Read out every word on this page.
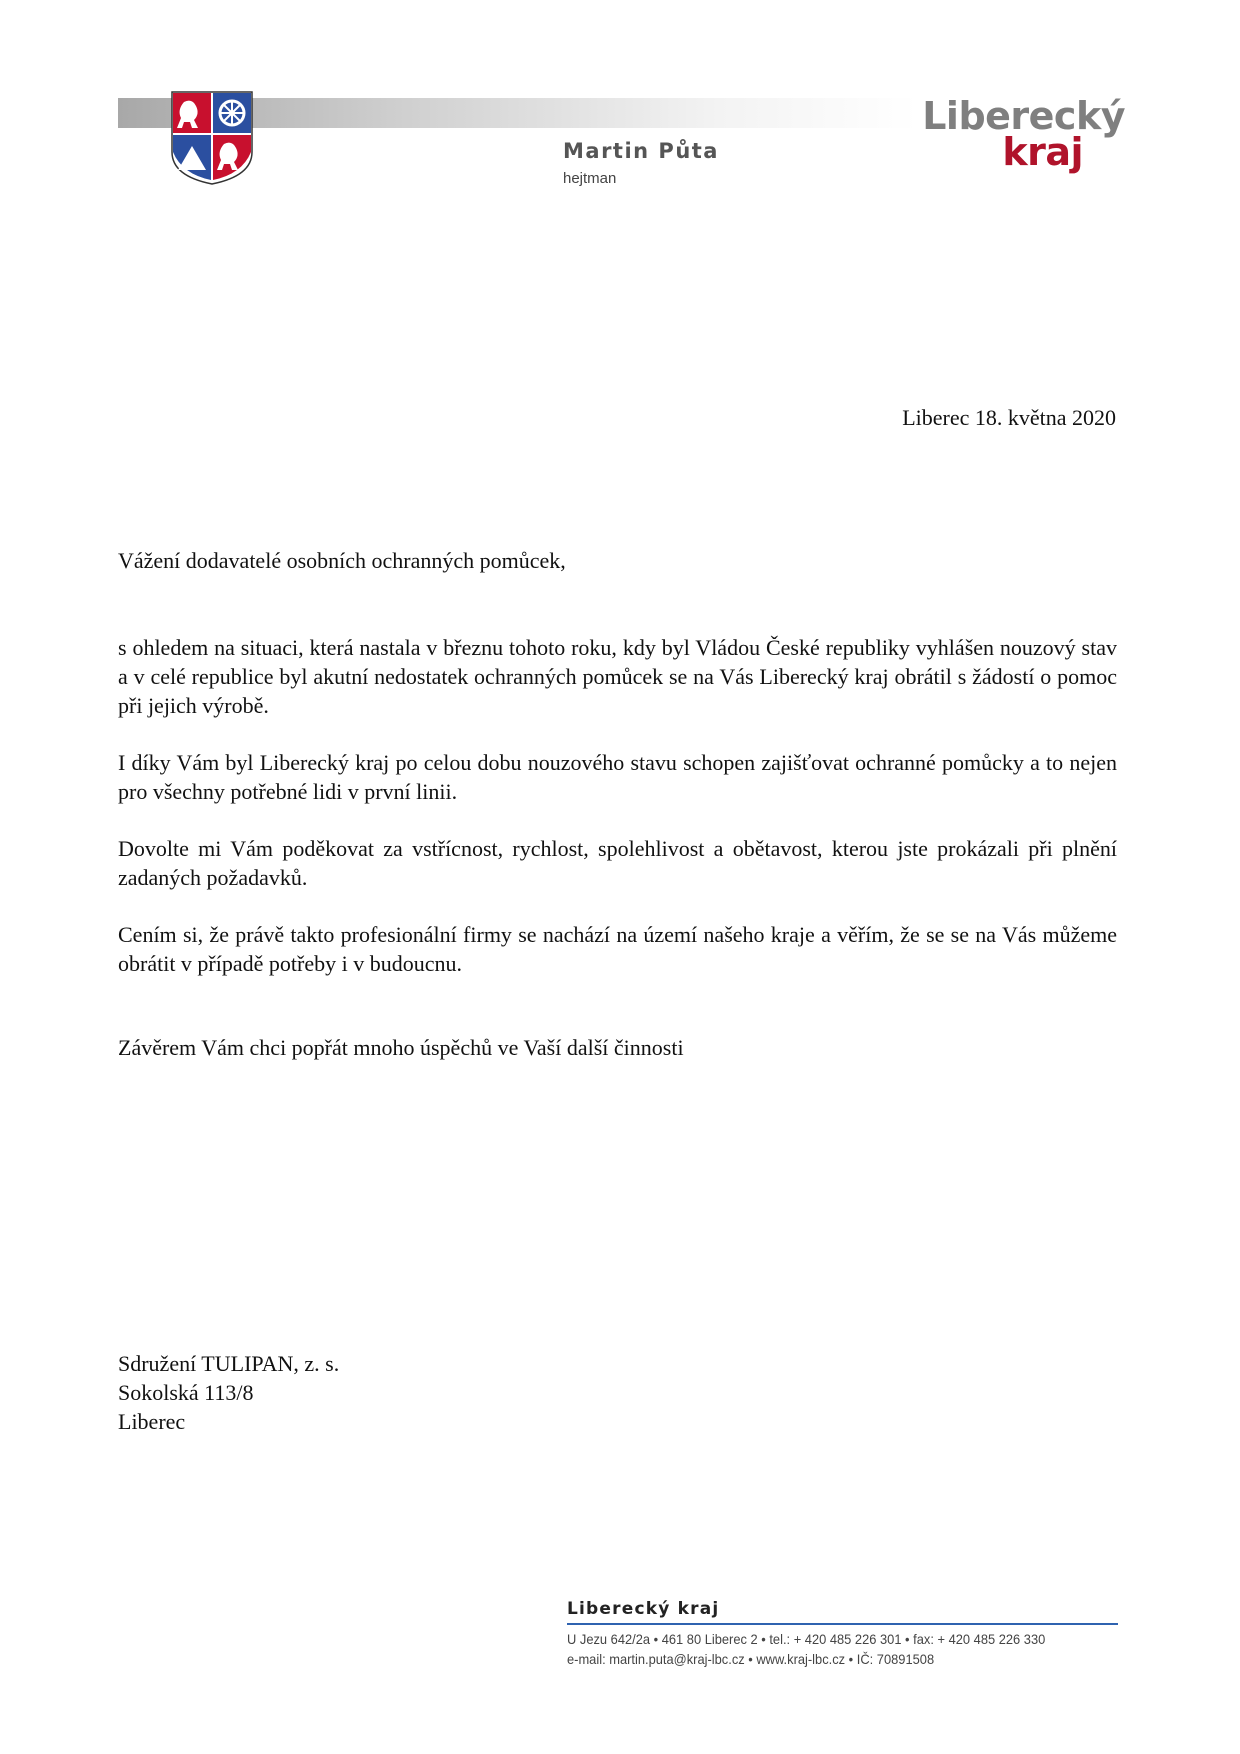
Martin Půta
hejtman
Liberecký
kraj
Liberec 18. května 2020
Vážení dodavatelé osobních ochranných pomůcek,
s ohledem na situaci, která nastala v březnu tohoto roku, kdy byl Vládou České republiky vyhlášen nouzový stav a v celé republice byl akutní nedostatek ochranných pomůcek se na Vás Liberecký kraj obrátil s žádostí o pomoc při jejich výrobě.
I díky Vám byl Liberecký kraj po celou dobu nouzového stavu schopen zajišťovat ochranné pomůcky a to nejen pro všechny potřebné lidi v první linii.
Dovolte mi Vám poděkovat za vstřícnost, rychlost, spolehlivost a obětavost, kterou jste prokázali při plnění zadaných požadavků.
Cením si, že právě takto profesionální firmy se nachází na území našeho kraje a věřím, že se se na Vás můžeme obrátit v případě potřeby i v budoucnu.
Závěrem Vám chci popřát mnoho úspěchů ve Vaší další činnosti
Sdružení TULIPAN, z. s.
Sokolská 113/8
Liberec
Liberecký kraj
U Jezu 642/2a • 461 80 Liberec 2 • tel.: + 420 485 226 301 • fax: + 420 485 226 330
e-mail: martin.puta@kraj-lbc.cz • www.kraj-lbc.cz • IČ: 70891508
